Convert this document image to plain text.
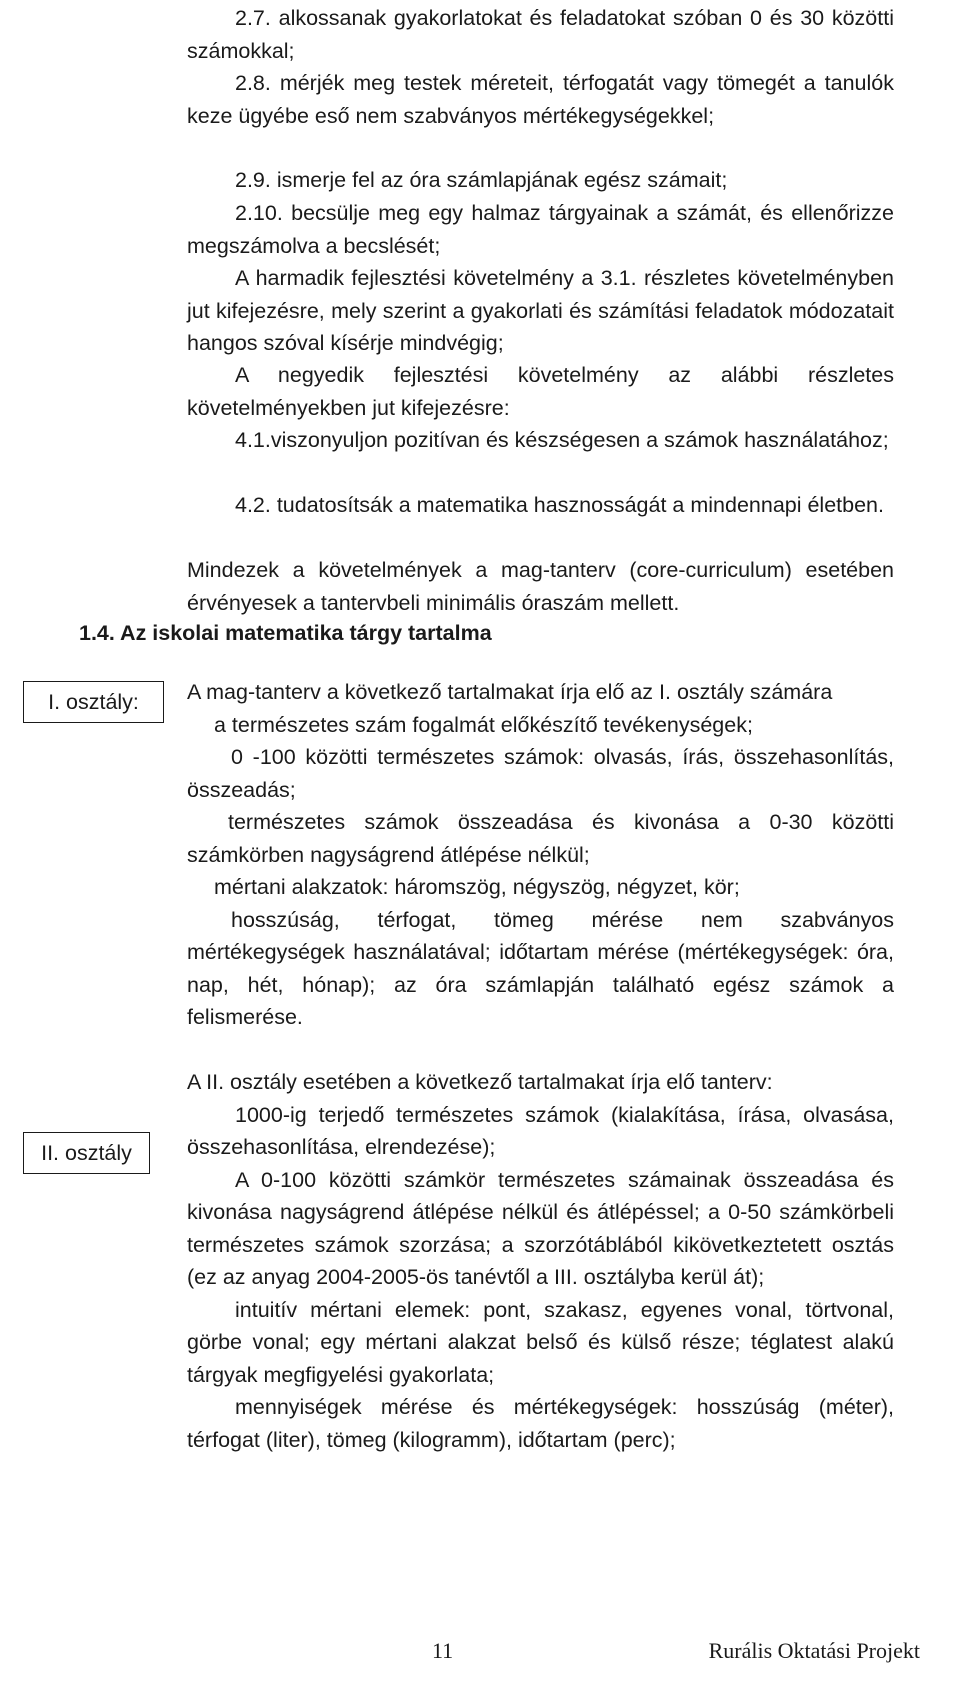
2.7. alkossanak gyakorlatokat és feladatokat szóban 0 és 30 közötti számokkal;

2.8. mérjék meg testek méreteit, térfogatát vagy tömegét a tanulók keze ügyébe eső nem szabványos mértékegységekkel;

2.9. ismerje fel az óra számlapjának egész számait;

2.10. becsülje meg egy halmaz tárgyainak a számát, és ellenőrizze megszámolva a becslését;

A harmadik fejlesztési követelmény a 3.1. részletes követelményben jut kifejezésre, mely szerint a gyakorlati és számítási feladatok módozatait hangos szóval kísérje mindvégig;

A negyedik fejlesztési követelmény az alábbi részletes követelményekben jut kifejezésre:

4.1.viszonyuljon pozitívan és készségesen a számok használatához;

4.2. tudatosítsák a matematika hasznosságát a mindennapi életben.

Mindezek a követelmények a mag-tanterv (core-curriculum) esetében érvényesek a tantervbeli minimális óraszám mellett.

1.4. Az iskolai matematika tárgy tartalma
I. osztály:	A mag-tanterv a következő tartalmakat írja elő az I. osztály számára

a természetes szám fogalmát előkészítő tevékenységek;

0 -100 közötti természetes számok: olvasás, írás, összehasonlítás, összeadás;

természetes számok összeadása és kivonása a 0-30 közötti számkörben nagyságrend átlépése nélkül;

mértani alakzatok: háromszög, négyszög, négyzet, kör;

hosszúság, térfogat, tömeg mérése nem szabványos mértékegységek használatával; időtartam mérése (mértékegységek: óra, nap, hét, hónap); az óra számlapján található egész számok a felismerése.

II. osztály

A II. osztály esetében a következő tartalmakat írja elő tanterv:

1000-ig terjedő természetes számok (kialakítása, írása, olvasása, összehasonlítása, elrendezése);

A 0-100 közötti számkör természetes számainak összeadása és kivonása nagyságrend átlépése nélkül és átlépéssel; a 0-50 számkörbeli természetes számok szorzása; a szorzótáblából kikövetkeztetett osztás (ez az anyag 2004-2005-ös tanévtől a III. osztályba kerül át);

intuitív mértani elemek: pont, szakasz, egyenes vonal, törtvonal, görbe vonal; egy mértani alakzat belső és külső része; téglatest alakú tárgyak megfigyelési gyakorlata;

mennyiségek mérése és mértékegységek: hosszúság (méter), térfogat (liter), tömeg (kilogramm), időtartam (perc);

11	Rurális Oktatási Projekt
